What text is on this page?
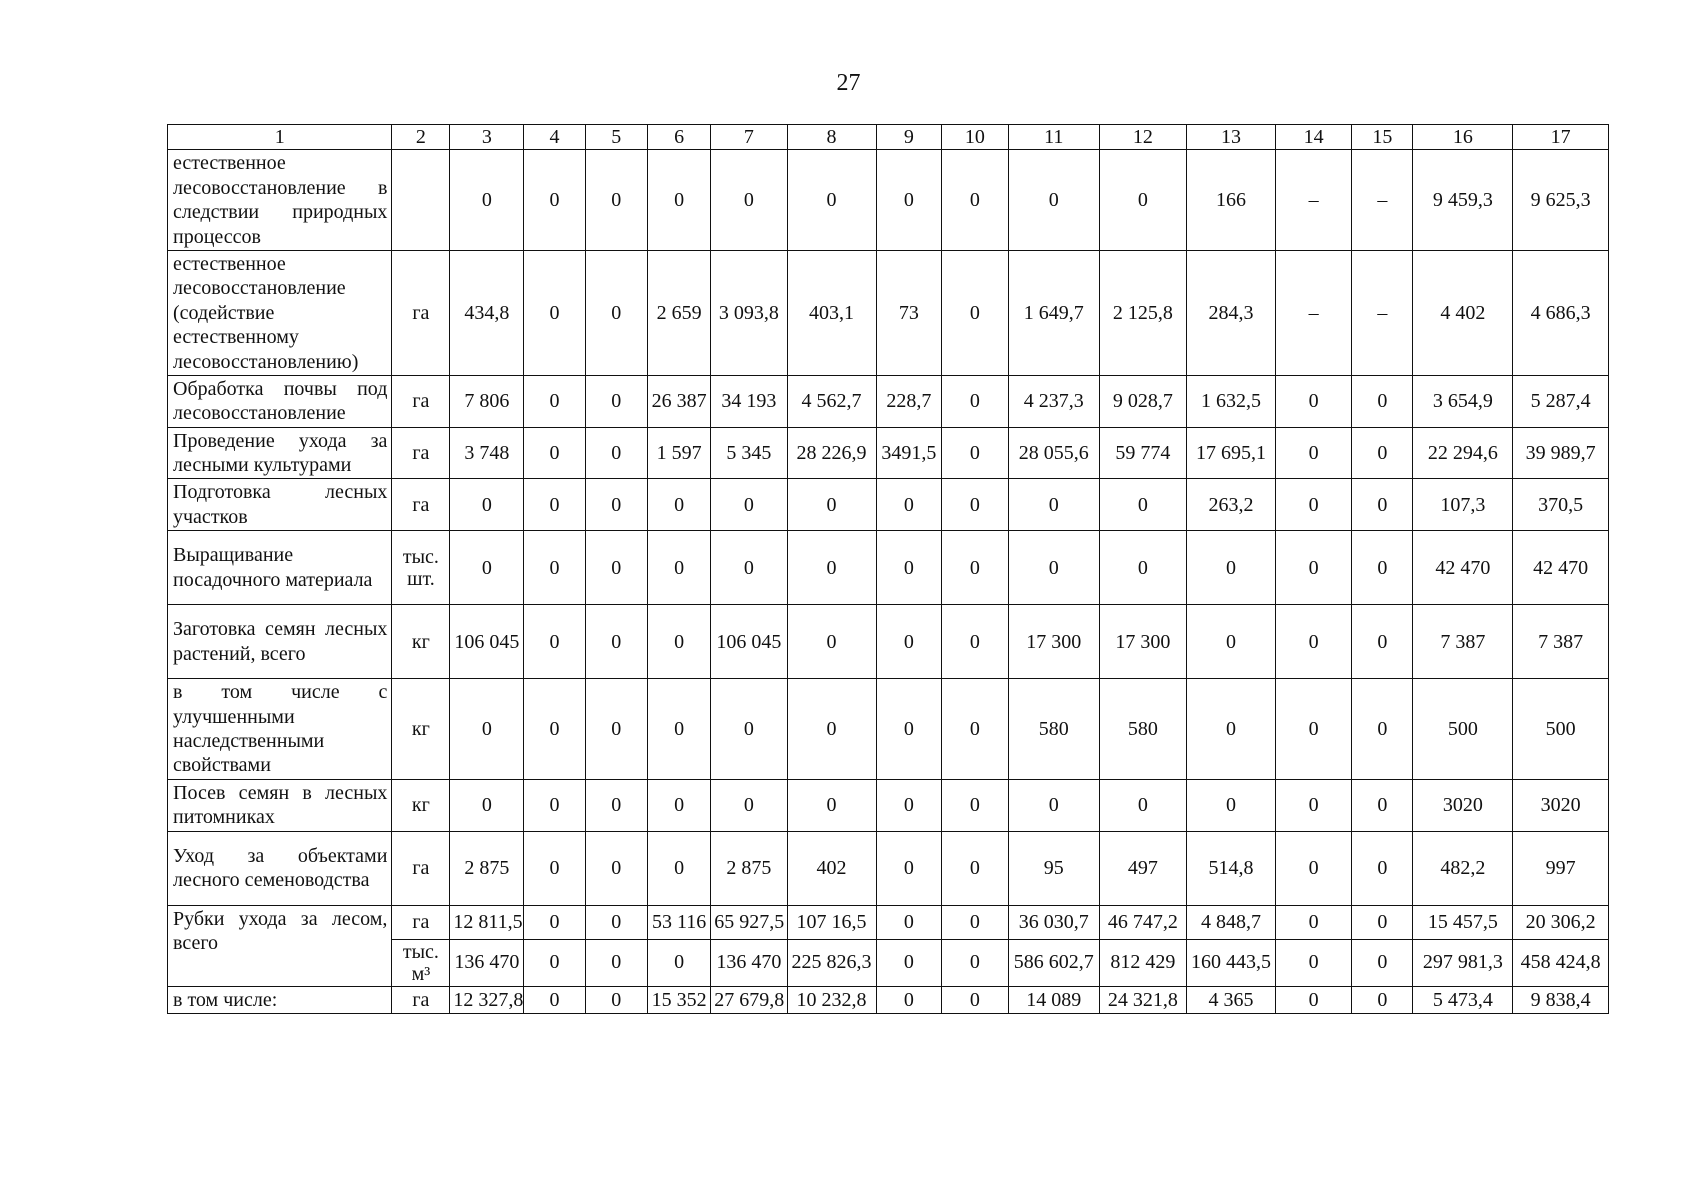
27
1	2	3	4	5	6	7	8	9	10	11	12	13	14	15	16	17
естественное лесовосстановление в следствии природных процессов		0	0	0	0	0	0	0	0	0	0	166	–	–	9 459,3	9 625,3
естественное лесовосстановление (содействие естественному лесовосстановлению)	га	434,8	0	0	2 659	3 093,8	403,1	73	0	1 649,7	2 125,8	284,3	–	–	4 402	4 686,3
Обработка почвы под лесовосстановление	га	7 806	0	0	26 387	34 193	4 562,7	228,7	0	4 237,3	9 028,7	1 632,5	0	0	3 654,9	5 287,4
Проведение ухода за лесными культурами	га	3 748	0	0	1 597	5 345	28 226,9	3491,5	0	28 055,6	59 774	17 695,1	0	0	22 294,6	39 989,7
Подготовка лесных участков	га	0	0	0	0	0	0	0	0	0	0	263,2	0	0	107,3	370,5
Выращивание посадочного материала	тыс. шт.	0	0	0	0	0	0	0	0	0	0	0	0	0	42 470	42 470
Заготовка семян лесных растений, всего	кг	106 045	0	0	0	106 045	0	0	0	17 300	17 300	0	0	0	7 387	7 387
в том числе с улучшенными наследственными свойствами	кг	0	0	0	0	0	0	0	0	580	580	0	0	0	500	500
Посев семян в лесных питомниках	кг	0	0	0	0	0	0	0	0	0	0	0	0	0	3020	3020
Уход за объектами лесного семеноводства	га	2 875	0	0	0	2 875	402	0	0	95	497	514,8	0	0	482,2	997
Рубки ухода за лесом, всего	га	12 811,5	0	0	53 116	65 927,5	107 16,5	0	0	36 030,7	46 747,2	4 848,7	0	0	15 457,5	20 306,2
	тыс. м³	136 470	0	0	0	136 470	225 826,3	0	0	586 602,7	812 429	160 443,5	0	0	297 981,3	458 424,8
в том числе:	га	12 327,8	0	0	15 352	27 679,8	10 232,8	0	0	14 089	24 321,8	4 365	0	0	5 473,4	9 838,4
